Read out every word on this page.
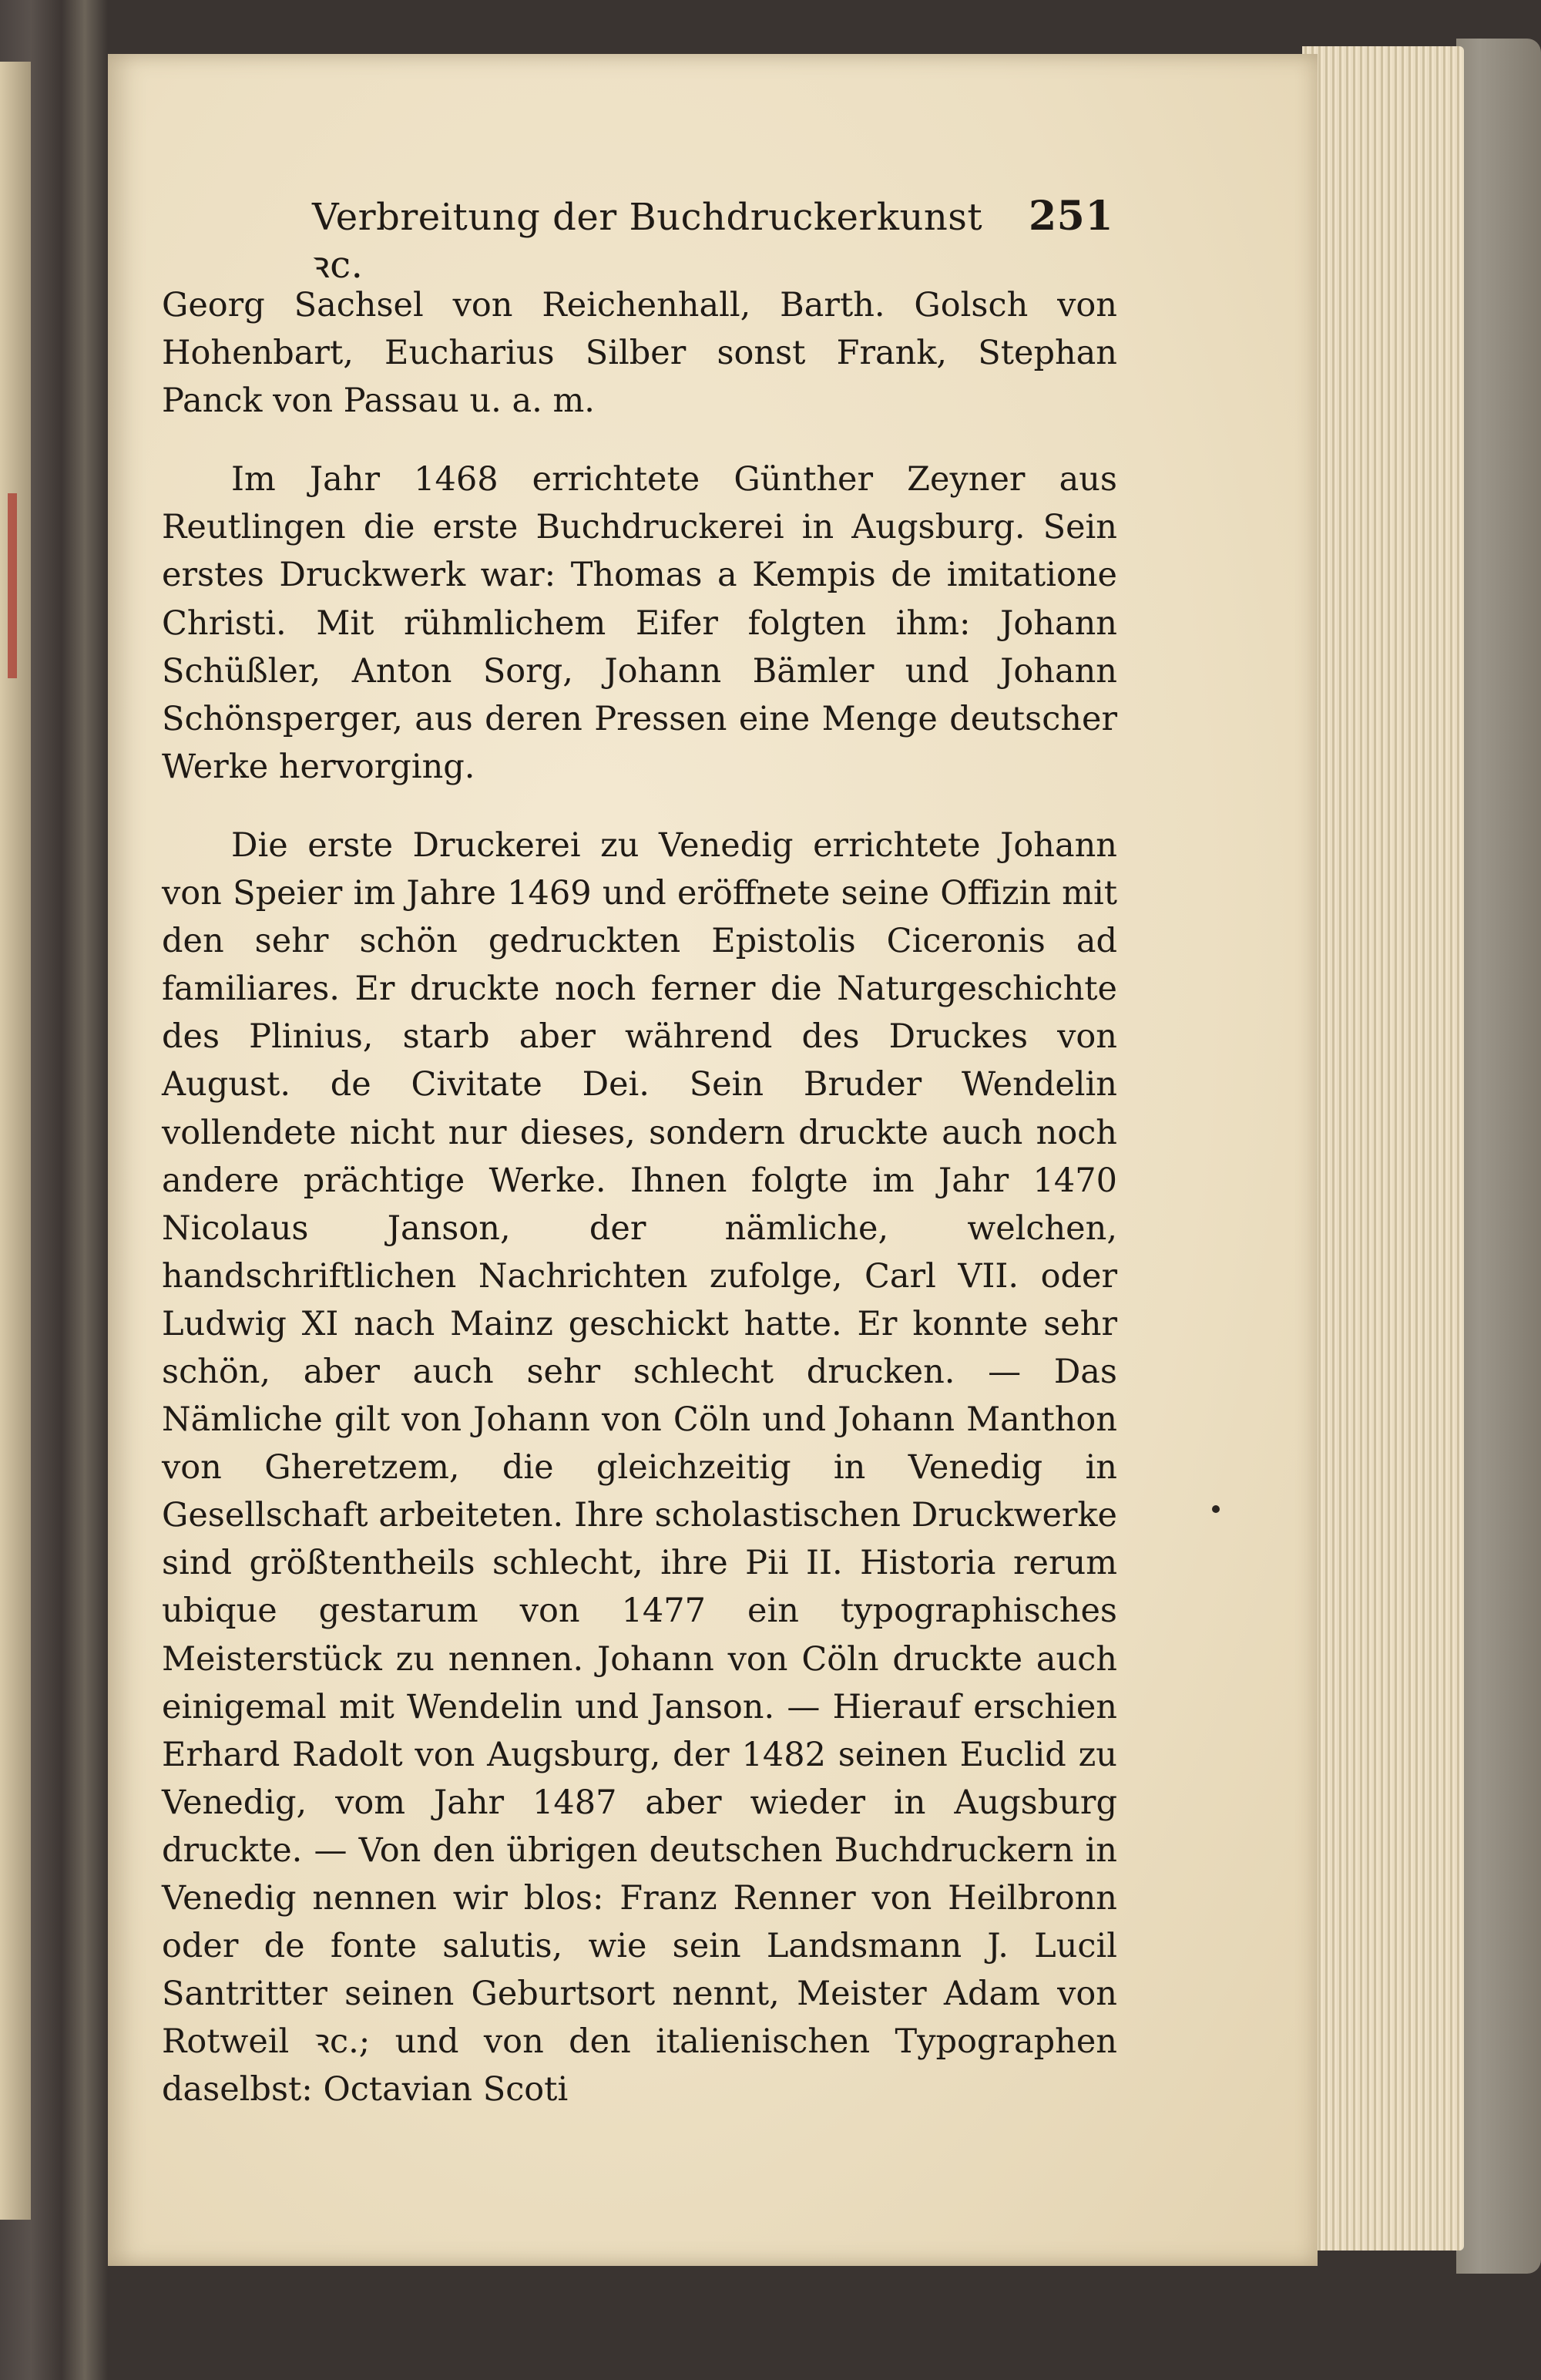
Verbreitung der Buchdruckerkunst ꝛc.
251

Georg Sachsel von Reichenhall, Barth. Golsch von Hohenbart, Eucharius Silber sonst Frank, Stephan Panck von Passau u. a. m.

Im Jahr 1468 errichtete Günther Zeyner aus Reutlingen die erste Buchdruckerei in Augsburg. Sein erstes Druckwerk war: Thomas a Kempis de imitatione Christi. Mit rühmlichem Eifer folgten ihm: Johann Schüßler, Anton Sorg, Johann Bämler und Johann Schönsperger, aus deren Pressen eine Menge deutscher Werke hervorging.

Die erste Druckerei zu Venedig errichtete Johann von Speier im Jahre 1469 und eröffnete seine Offizin mit den sehr schön gedruckten Epistolis Ciceronis ad familiares. Er druckte noch ferner die Naturgeschichte des Plinius, starb aber während des Druckes von August. de Civitate Dei. Sein Bruder Wendelin vollendete nicht nur dieses, sondern druckte auch noch andere prächtige Werke. Ihnen folgte im Jahr 1470 Nicolaus Janson, der nämliche, welchen, handschriftlichen Nachrichten zufolge, Carl VII. oder Ludwig XI nach Mainz geschickt hatte. Er konnte sehr schön, aber auch sehr schlecht drucken. — Das Nämliche gilt von Johann von Cöln und Johann Manthon von Gheretzem, die gleichzeitig in Venedig in Gesellschaft arbeiteten. Ihre scholastischen Druckwerke sind größtentheils schlecht, ihre Pii II. Historia rerum ubique gestarum von 1477 ein typographisches Meisterstück zu nennen. Johann von Cöln druckte auch einigemal mit Wendelin und Janson. — Hierauf erschien Erhard Radolt von Augsburg, der 1482 seinen Euclid zu Venedig, vom Jahr 1487 aber wieder in Augsburg druckte. — Von den übrigen deutschen Buchdruckern in Venedig nennen wir blos: Franz Renner von Heilbronn oder de fonte salutis, wie sein Landsmann J. Lucil Santritter seinen Geburtsort nennt, Meister Adam von Rotweil ꝛc.; und von den italienischen Typographen daselbst: Octavian Scoti
